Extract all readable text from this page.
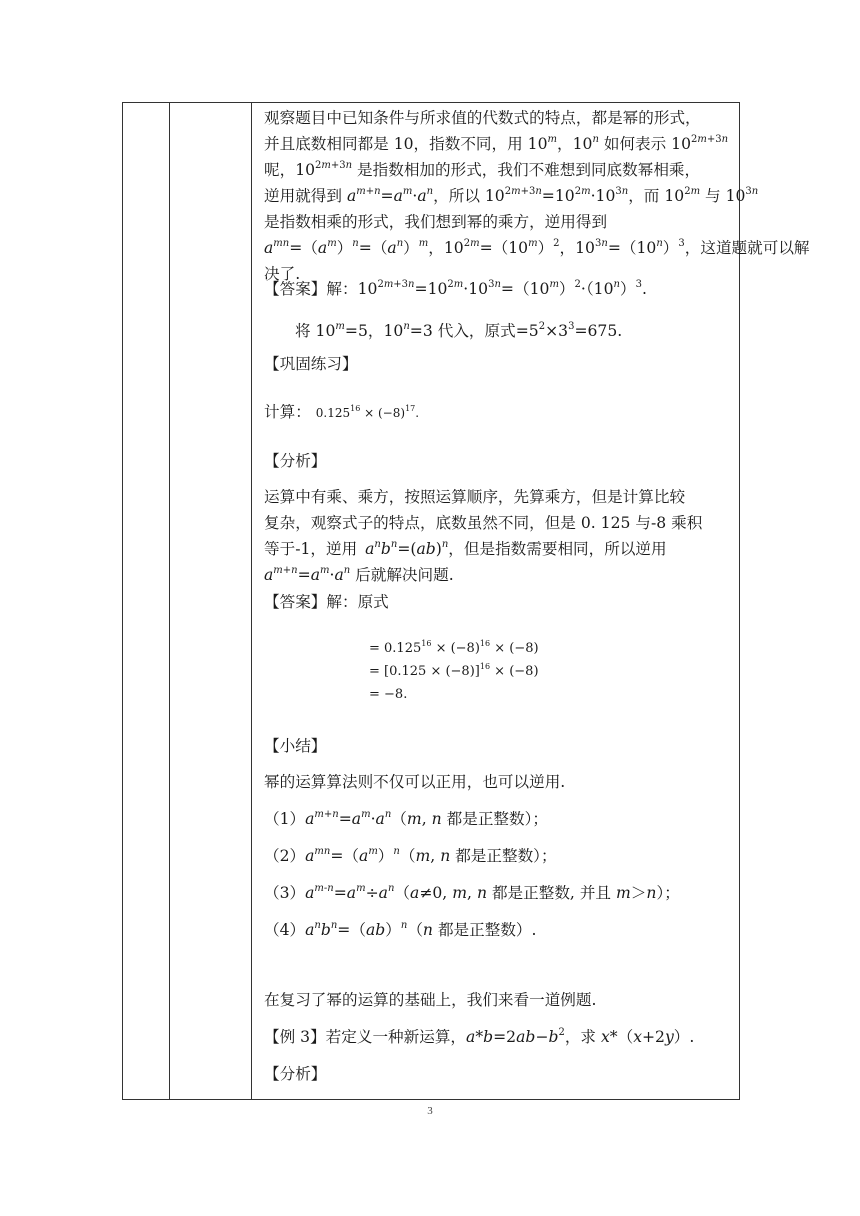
观察题目中已知条件与所求值的代数式的特点，都是幂的形式，

并且底数相同都是 10，指数不同，用 10$^m$，10$^n$ 如何表示 $10^{2m+3n}$

呢，$10^{2m+3n}$ 是指数相加的形式，我们不难想到同底数幂相乘，

逆用就得到 $a^{m+n}=a^m\cdot a^n$，所以 $10^{2m+3n}=10^{2m}\cdot 10^{3n}$，而 $10^{2m}$ 与 $10^{3n}$

是指数相乘的形式，我们想到幂的乘方，逆用得到

$a^{mn}=(a^m)^n=(a^n)^m$，$10^{2m}=(10^m)^2$，$10^{3n}=(10^n)^3$，这道题就可以解

决了.

【答案】解：$10^{2m+3n}=10^{2m}\cdot 10^{3n}=(10^m)^2\cdot(10^n)^3$.

将 $10^m=5$，$10^n=3$ 代入，原式$=5^2\times 3^3=675$.

【巩固练习】

计算： $0.125^{16} \times (-8)^{17}$.

【分析】

运算中有乘、乘方，按照运算顺序，先算乘方，但是计算比较

复杂，观察式子的特点，底数虽然不同，但是 0. 125 与-8 乘积

等于-1，逆用 $a^nb^n=(ab)^n$，但是指数需要相同，所以逆用

$a^{m+n}=a^m\cdot a^n$ 后就解决问题.

【答案】解：原式

= $0.125^{16} \times (-8)^{16} \times (-8)$
= $[0.125 \times (-8)]^{16} \times (-8)$
= −8.

【小结】

幂的运算算法则不仅可以正用，也可以逆用.

$(1)a^{m+n}=a^m\cdot a^n(m$, n 都是正整数）；

$(2)a^{mn}=(a^m)^n(m$, n 都是正整数）；

$(3)a^{m-n}=a^m\div a^n(a\ne 0$, m, n 都是正整数, 并且 m＞n）；

$(4)a^nb^n=(ab)^n(n$ 都是正整数）.

在复习了幂的运算的基础上，我们来看一道例题.

【例 3】若定义一种新运算，$a*b=2ab-b^2$，求 x*（x+2y）.

【分析】

3
